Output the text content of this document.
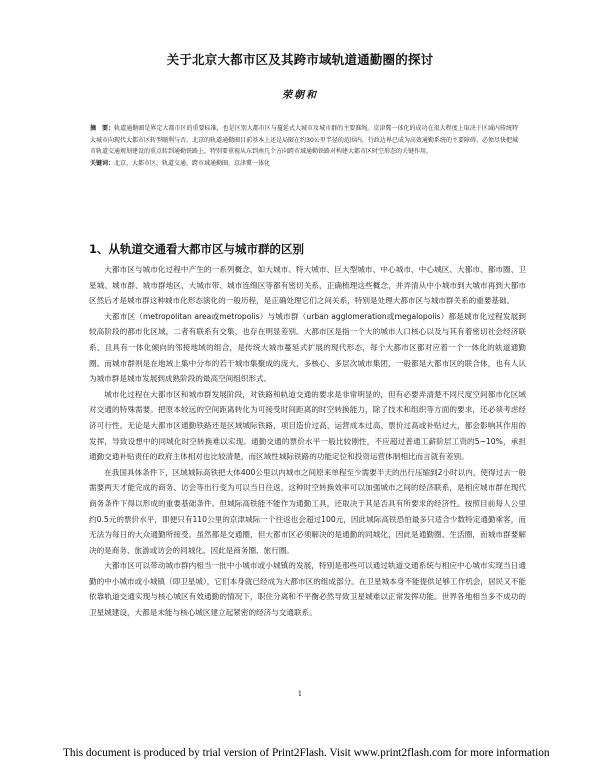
关于北京大都市区及其跨市域轨道通勤圈的探讨
荣朝和
摘　要：轨道通勤圈是界定大都市区的重要标准，也是区别大都市区与蔓延式大城市及城市群的主要准绳。京津冀一体化的成功在很大程度上取决于区域内传统特大城市向现代大都市区转型顺利与否。北京的轨道通勤圈目前基本上还是局限在约30公里半径的范围内，行政边界已成为高效通勤系统的主要障碍。必须尽快把城市轨道交通规划建设的重点转到通勤铁路上，特别要重视从东到南几个方向跨市域通勤铁路对构建大都市区时空形态的关键作用。
关键词：北京、大都市区、轨道交通、跨市域通勤圈、京津冀一体化
1、从轨道交通看大都市区与城市群的区别

大都市区与城市化过程中产生的一系列概念，如大城市、特大城市、巨大型城市、中心城市、中心城区、大都市、都市圈、卫星城、城市群、城市群地区、大城市带、城市连绵区等都有密切关系，正确梳理这些概念，并弄清从中小城市到大城市再到大都市区然后才是城市群这种城市化形态演化的一般历程，是正确处理它们之间关系，特别是处理大都市区与城市群关系的重要基础。

大都市区（metropolitan area或metropolis）与城市群（urban agglomeration或megalopolis）都是城市化过程发展到较高阶段的都市化区域，二者有联系有交集，也存在明显差别。大都市区是指一个大的城市人口核心以及与其有着密切社会经济联系、且具有一体化倾向的邻接地域的组合，是传统大城市蔓延式扩展的现代形态，每个大都市区都对应着一个一体化的轨道通勤圈。而城市群则是在地域上集中分布的若干城市集聚成的庞大、多核心、多层次城市集团，一般都是大都市区的联合体，也有人认为城市群是城市发展到成熟阶段的最高空间组织形式。

城市化过程在大都市区和城市群发展阶段，对铁路和轨道交通的要求是非常明显的，但有必要弄清楚不同尺度空间都市化区域对交通的特殊需要。把原本较远的空间距离转化为可接受时间距离的时空转换能力，除了技术和组织等方面的要求，还必须考虑经济可行性。无论是大都市区通勤铁路还是区域城际铁路，项目造价过高、运营成本过高、票价过高或补贴过大，都会影响其作用的发挥，导致设想中的同城化时空转换难以实现。通勤交通的票价水平一般比较刚性，不应超过普通工薪阶层工资的5~10%，承担通勤交通补贴责任的政府主体相对也比较清楚，而区域性城际铁路的功能定位和投资运营体制相比而言就有差别。

在我国具体条件下，区域城际高铁把大体400公里以内城市之间原来单程至少需要半天的出行压缩到2小时以内，使得过去一般需要两天才能完成的商务、访会等出行变为可以当日往返，这种时空转换效率可以加强城市之间的经济联系，是相应城市群在现代商务条件下得以形成的重要基础条件。但城际高铁能不能作为通勤工具，还取决于其是否具有所要求的经济性。按照目前每人公里约0.5元的票价水平，即便只有110公里的京津城际一个往返也会超过100元，因此城际高铁恐怕最多只适合少数特定通勤乘客，而无法为每日的大众通勤所接受。虽然都是交通圈，但大都市区必须解决的是通勤的同城化，因此是通勤圈、生活圈，而城市群要解决的是商务、旅游或访会的同城化，因此是商务圈、旅行圈。

大都市区可以带动城市群内相当一批中小城市或小城镇的发展，特别是那些可以通过轨道交通系统与相应中心城市实现当日通勤的中小城市或小城镇（即卫星城），它们本身就已经成为大都市区的组成部分。在卫星城本身不能提供足够工作机会，居民又不能依靠轨道交通实现与核心城区有效通勤的情况下，职住分离和不平衡必然导致卫星城难以正常发挥功能。世界各地相当多不成功的卫星城建设，大都是未能与核心城区建立起紧密的经济与交通联系。

1
This document is produced by trial version of Print2Flash. Visit www.print2flash.com for more information
